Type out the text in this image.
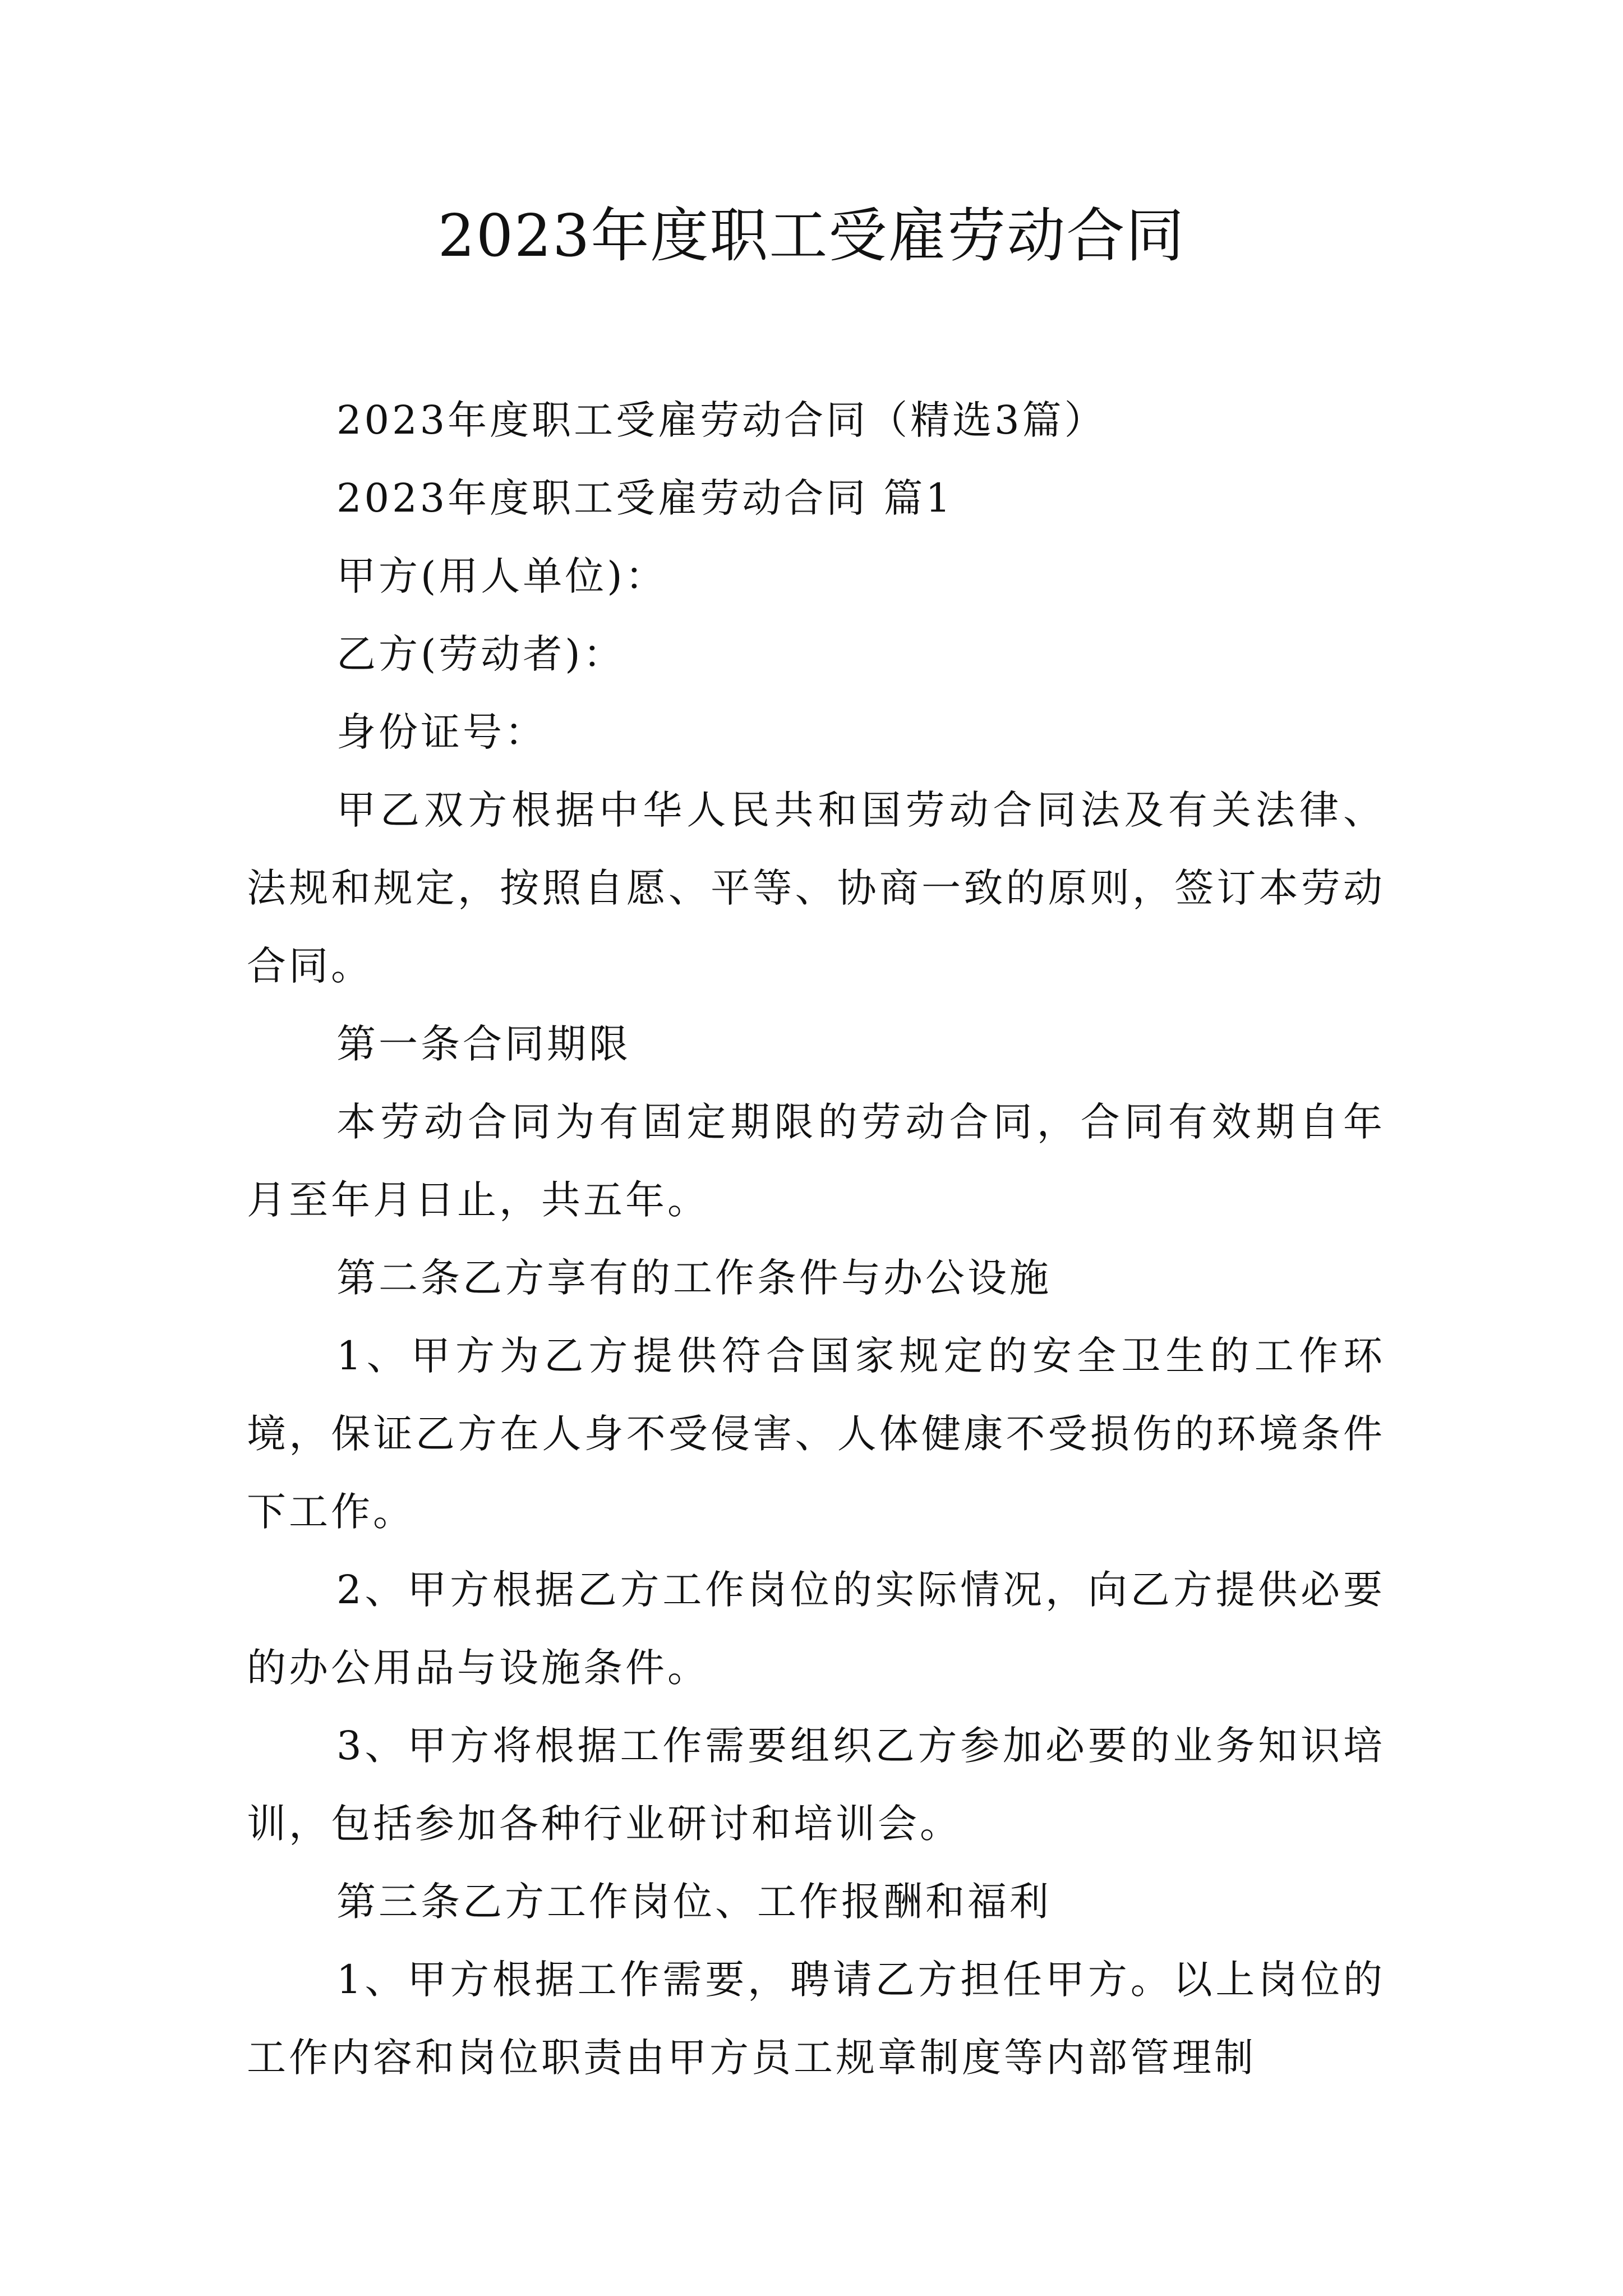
2023年度职工受雇劳动合同

2023年度职工受雇劳动合同（精选3篇）

2023年度职工受雇劳动合同 篇1

甲方(用人单位)：

乙方(劳动者)：

身份证号：

甲乙双方根据中华人民共和国劳动合同法及有关法律、法规和规定，按照自愿、平等、协商一致的原则，签订本劳动合同。

第一条合同期限

本劳动合同为有固定期限的劳动合同，合同有效期自年月至年月日止，共五年。

第二条乙方享有的工作条件与办公设施

1、甲方为乙方提供符合国家规定的安全卫生的工作环境，保证乙方在人身不受侵害、人体健康不受损伤的环境条件下工作。

2、甲方根据乙方工作岗位的实际情况，向乙方提供必要的办公用品与设施条件。

3、甲方将根据工作需要组织乙方参加必要的业务知识培训，包括参加各种行业研讨和培训会。

第三条乙方工作岗位、工作报酬和福利

1、甲方根据工作需要，聘请乙方担任甲方。以上岗位的工作内容和岗位职责由甲方员工规章制度等内部管理制
